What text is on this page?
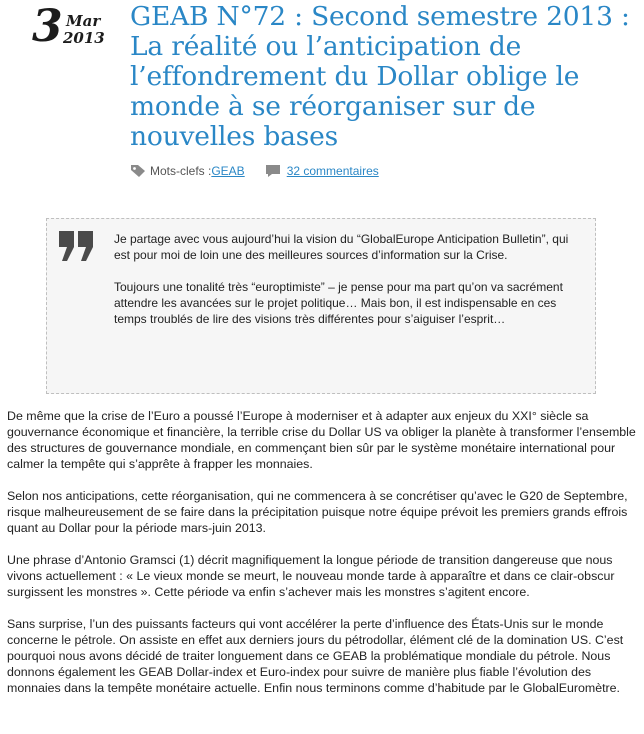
3 Mar
2013
GEAB N°72 : Second semestre 2013 : La réalité ou l’anticipation de l’effondrement du Dollar oblige le monde à se réorganiser sur de nouvelles bases
Mots-clefs : GEAB	32 commentaires

Je partage avec vous aujourd’hui la vision du “GlobalEurope Anticipation Bulletin”, qui est pour moi de loin une des meilleures sources d’information sur la Crise.

Toujours une tonalité très “europtimiste” – je pense pour ma part qu’on va sacrément attendre les avancées sur le projet politique… Mais bon, il est indispensable en ces temps troublés de lire des visions très différentes pour s’aiguiser l’esprit…

De même que la crise de l’Euro a poussé l’Europe à moderniser et à adapter aux enjeux du XXI° siècle sa gouvernance économique et financière, la terrible crise du Dollar US va obliger la planète à transformer l’ensemble des structures de gouvernance mondiale, en commençant bien sûr par le système monétaire international pour calmer la tempête qui s’apprête à frapper les monnaies.

Selon nos anticipations, cette réorganisation, qui ne commencera à se concrétiser qu’avec le G20 de Septembre, risque malheureusement de se faire dans la précipitation puisque notre équipe prévoit les premiers grands effrois quant au Dollar pour la période mars-juin 2013.

Une phrase d’Antonio Gramsci (1) décrit magnifiquement la longue période de transition dangereuse que nous vivons actuellement : « Le vieux monde se meurt, le nouveau monde tarde à apparaître et dans ce clair-obscur surgissent les monstres ». Cette période va enfin s’achever mais les monstres s’agitent encore.

Sans surprise, l’un des puissants facteurs qui vont accélérer la perte d’influence des États-Unis sur le monde concerne le pétrole. On assiste en effet aux derniers jours du pétrodollar, élément clé de la domination US. C’est pourquoi nous avons décidé de traiter longuement dans ce GEAB la problématique mondiale du pétrole. Nous donnons également les GEAB Dollar-index et Euro-index pour suivre de manière plus fiable l’évolution des monnaies dans la tempête monétaire actuelle. Enfin nous terminons comme d’habitude par le GlobalEuromètre.
